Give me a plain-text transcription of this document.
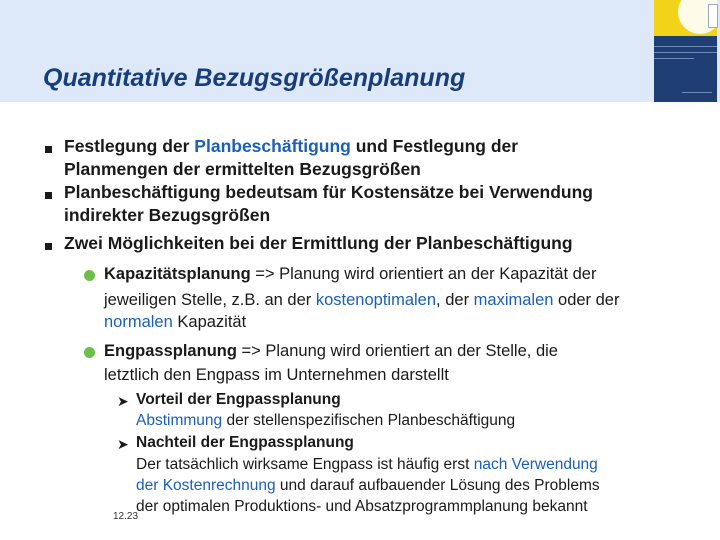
Quantitative Bezugsgrößenplanung
Festlegung der Planbeschäftigung und Festlegung der
Planmengen der ermittelten Bezugsgrößen
Planbeschäftigung bedeutsam für Kostensätze bei Verwendung
indirekter Bezugsgrößen
Zwei Möglichkeiten bei der Ermittlung der Planbeschäftigung
Kapazitätsplanung => Planung wird orientiert an der Kapazität der
jeweiligen Stelle, z.B. an der kostenoptimalen, der maximalen oder der
normalen Kapazität
Engpassplanung => Planung wird orientiert an der Stelle, die
letztlich den Engpass im Unternehmen darstellt
➤ Vorteil der Engpassplanung
Abstimmung der stellenspezifischen Planbeschäftigung
➤ Nachteil der Engpassplanung
Der tatsächlich wirksame Engpass ist häufig erst nach Verwendung
der Kostenrechnung und darauf aufbauender Lösung des Problems
der optimalen Produktions- und Absatzprogrammplanung bekannt
12.23
